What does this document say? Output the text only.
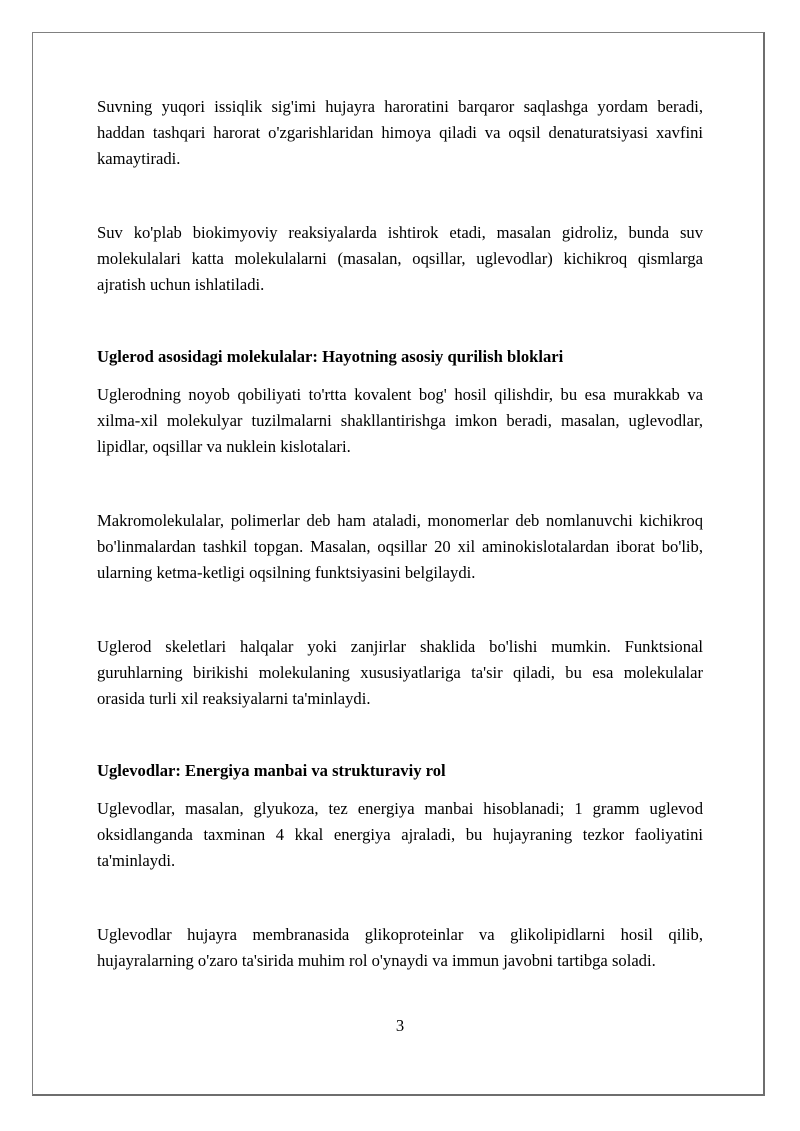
Suvning yuqori issiqlik sig'imi hujayra haroratini barqaror saqlashga yordam beradi, haddan tashqari harorat o'zgarishlaridan himoya qiladi va oqsil denaturatsiyasi xavfini kamaytiradi.

Suv ko'plab biokimyoviy reaksiyalarda ishtirok etadi, masalan gidroliz, bunda suv molekulalari katta molekulalarni (masalan, oqsillar, uglevodlar) kichikroq qismlarga ajratish uchun ishlatiladi.

Uglerod asosidagi molekulalar: Hayotning asosiy qurilish bloklari

Uglerodning noyob qobiliyati to'rtta kovalent bog' hosil qilishdir, bu esa murakkab va xilma-xil molekulyar tuzilmalarni shakllantirishga imkon beradi, masalan, uglevodlar, lipidlar, oqsillar va nuklein kislotalari.

Makromolekulalar, polimerlar deb ham ataladi, monomerlar deb nomlanuvchi kichikroq bo'linmalardan tashkil topgan. Masalan, oqsillar 20 xil aminokislotalardan iborat bo'lib, ularning ketma-ketligi oqsilning funktsiyasini belgilaydi.

Uglerod skeletlari halqalar yoki zanjirlar shaklida bo'lishi mumkin. Funktsional guruhlarning birikishi molekulaning xususiyatlariga ta'sir qiladi, bu esa molekulalar orasida turli xil reaksiyalarni ta'minlaydi.

Uglevodlar: Energiya manbai va strukturaviy rol

Uglevodlar, masalan, glyukoza, tez energiya manbai hisoblanadi; 1 gramm uglevod oksidlanganda taxminan 4 kkal energiya ajraladi, bu hujayraning tezkor faoliyatini ta'minlaydi.

Uglevodlar hujayra membranasida glikoproteinlar va glikolipidlarni hosil qilib, hujayralarning o'zaro ta'sirida muhim rol o'ynaydi va immun javobni tartibga soladi.

3
